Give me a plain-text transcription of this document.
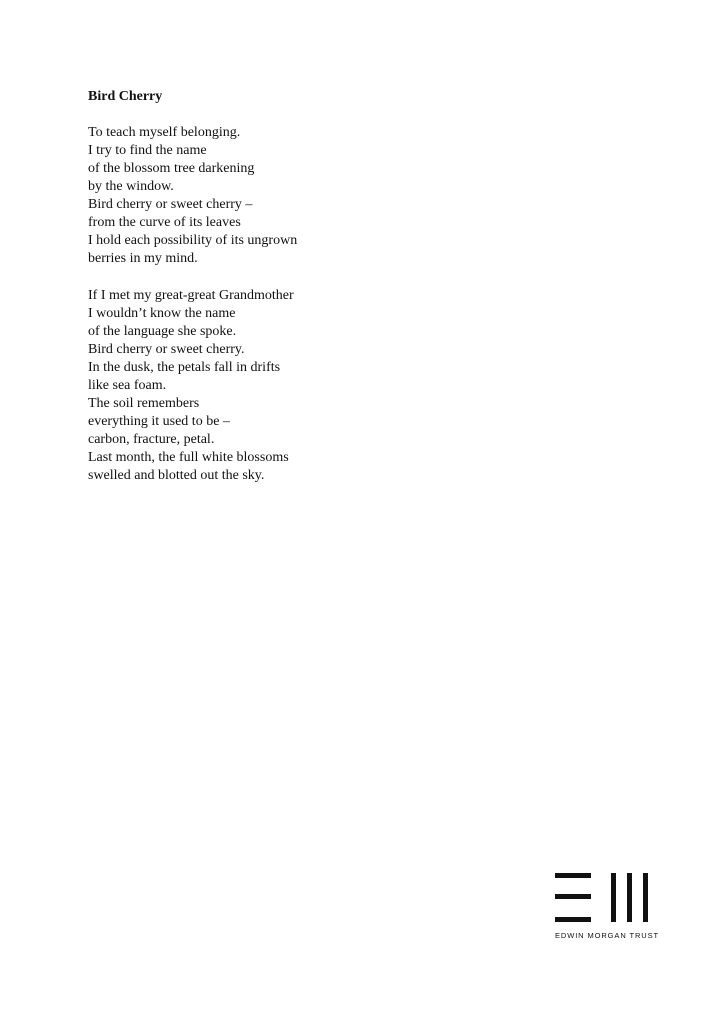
Bird Cherry
To teach myself belonging.
I try to find the name
of the blossom tree darkening
by the window.
Bird cherry or sweet cherry –
from the curve of its leaves
I hold each possibility of its ungrown
berries in my mind.
If I met my great-great Grandmother
I wouldn’t know the name
of the language she spoke.
Bird cherry or sweet cherry.
In the dusk, the petals fall in drifts
like sea foam.
The soil remembers
everything it used to be –
carbon, fracture, petal.
Last month, the full white blossoms
swelled and blotted out the sky.
EDWIN MORGAN TRUST
